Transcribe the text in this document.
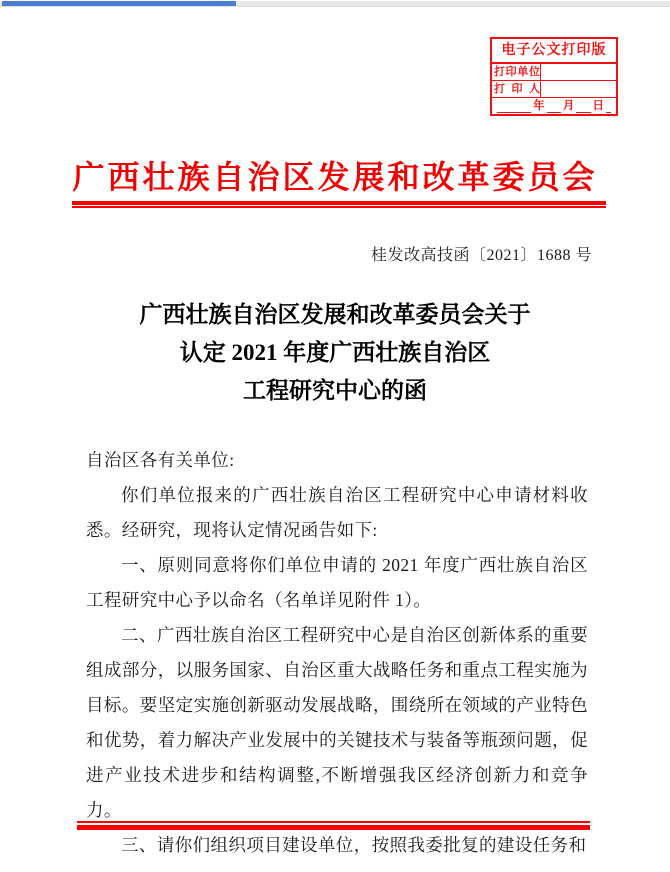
电子公文打印版
打印单位
打印人
年 月 日
广西壮族自治区发展和改革委员会
桂发改高技函〔2021〕1688 号
广西壮族自治区发展和改革委员会关于
认定 2021 年度广西壮族自治区
工程研究中心的函

自治区各有关单位:

你们单位报来的广西壮族自治区工程研究中心申请材料收悉。经研究，现将认定情况函告如下:

一、原则同意将你们单位申请的 2021 年度广西壮族自治区工程研究中心予以命名（名单详见附件 1）。

二、广西壮族自治区工程研究中心是自治区创新体系的重要组成部分，以服务国家、自治区重大战略任务和重点工程实施为目标。要坚定实施创新驱动发展战略，围绕所在领域的产业特色和优势，着力解决产业发展中的关键技术与装备等瓶颈问题，促进产业技术进步和结构调整,不断增强我区经济创新力和竞争力。

三、请你们组织项目建设单位，按照我委批复的建设任务和
